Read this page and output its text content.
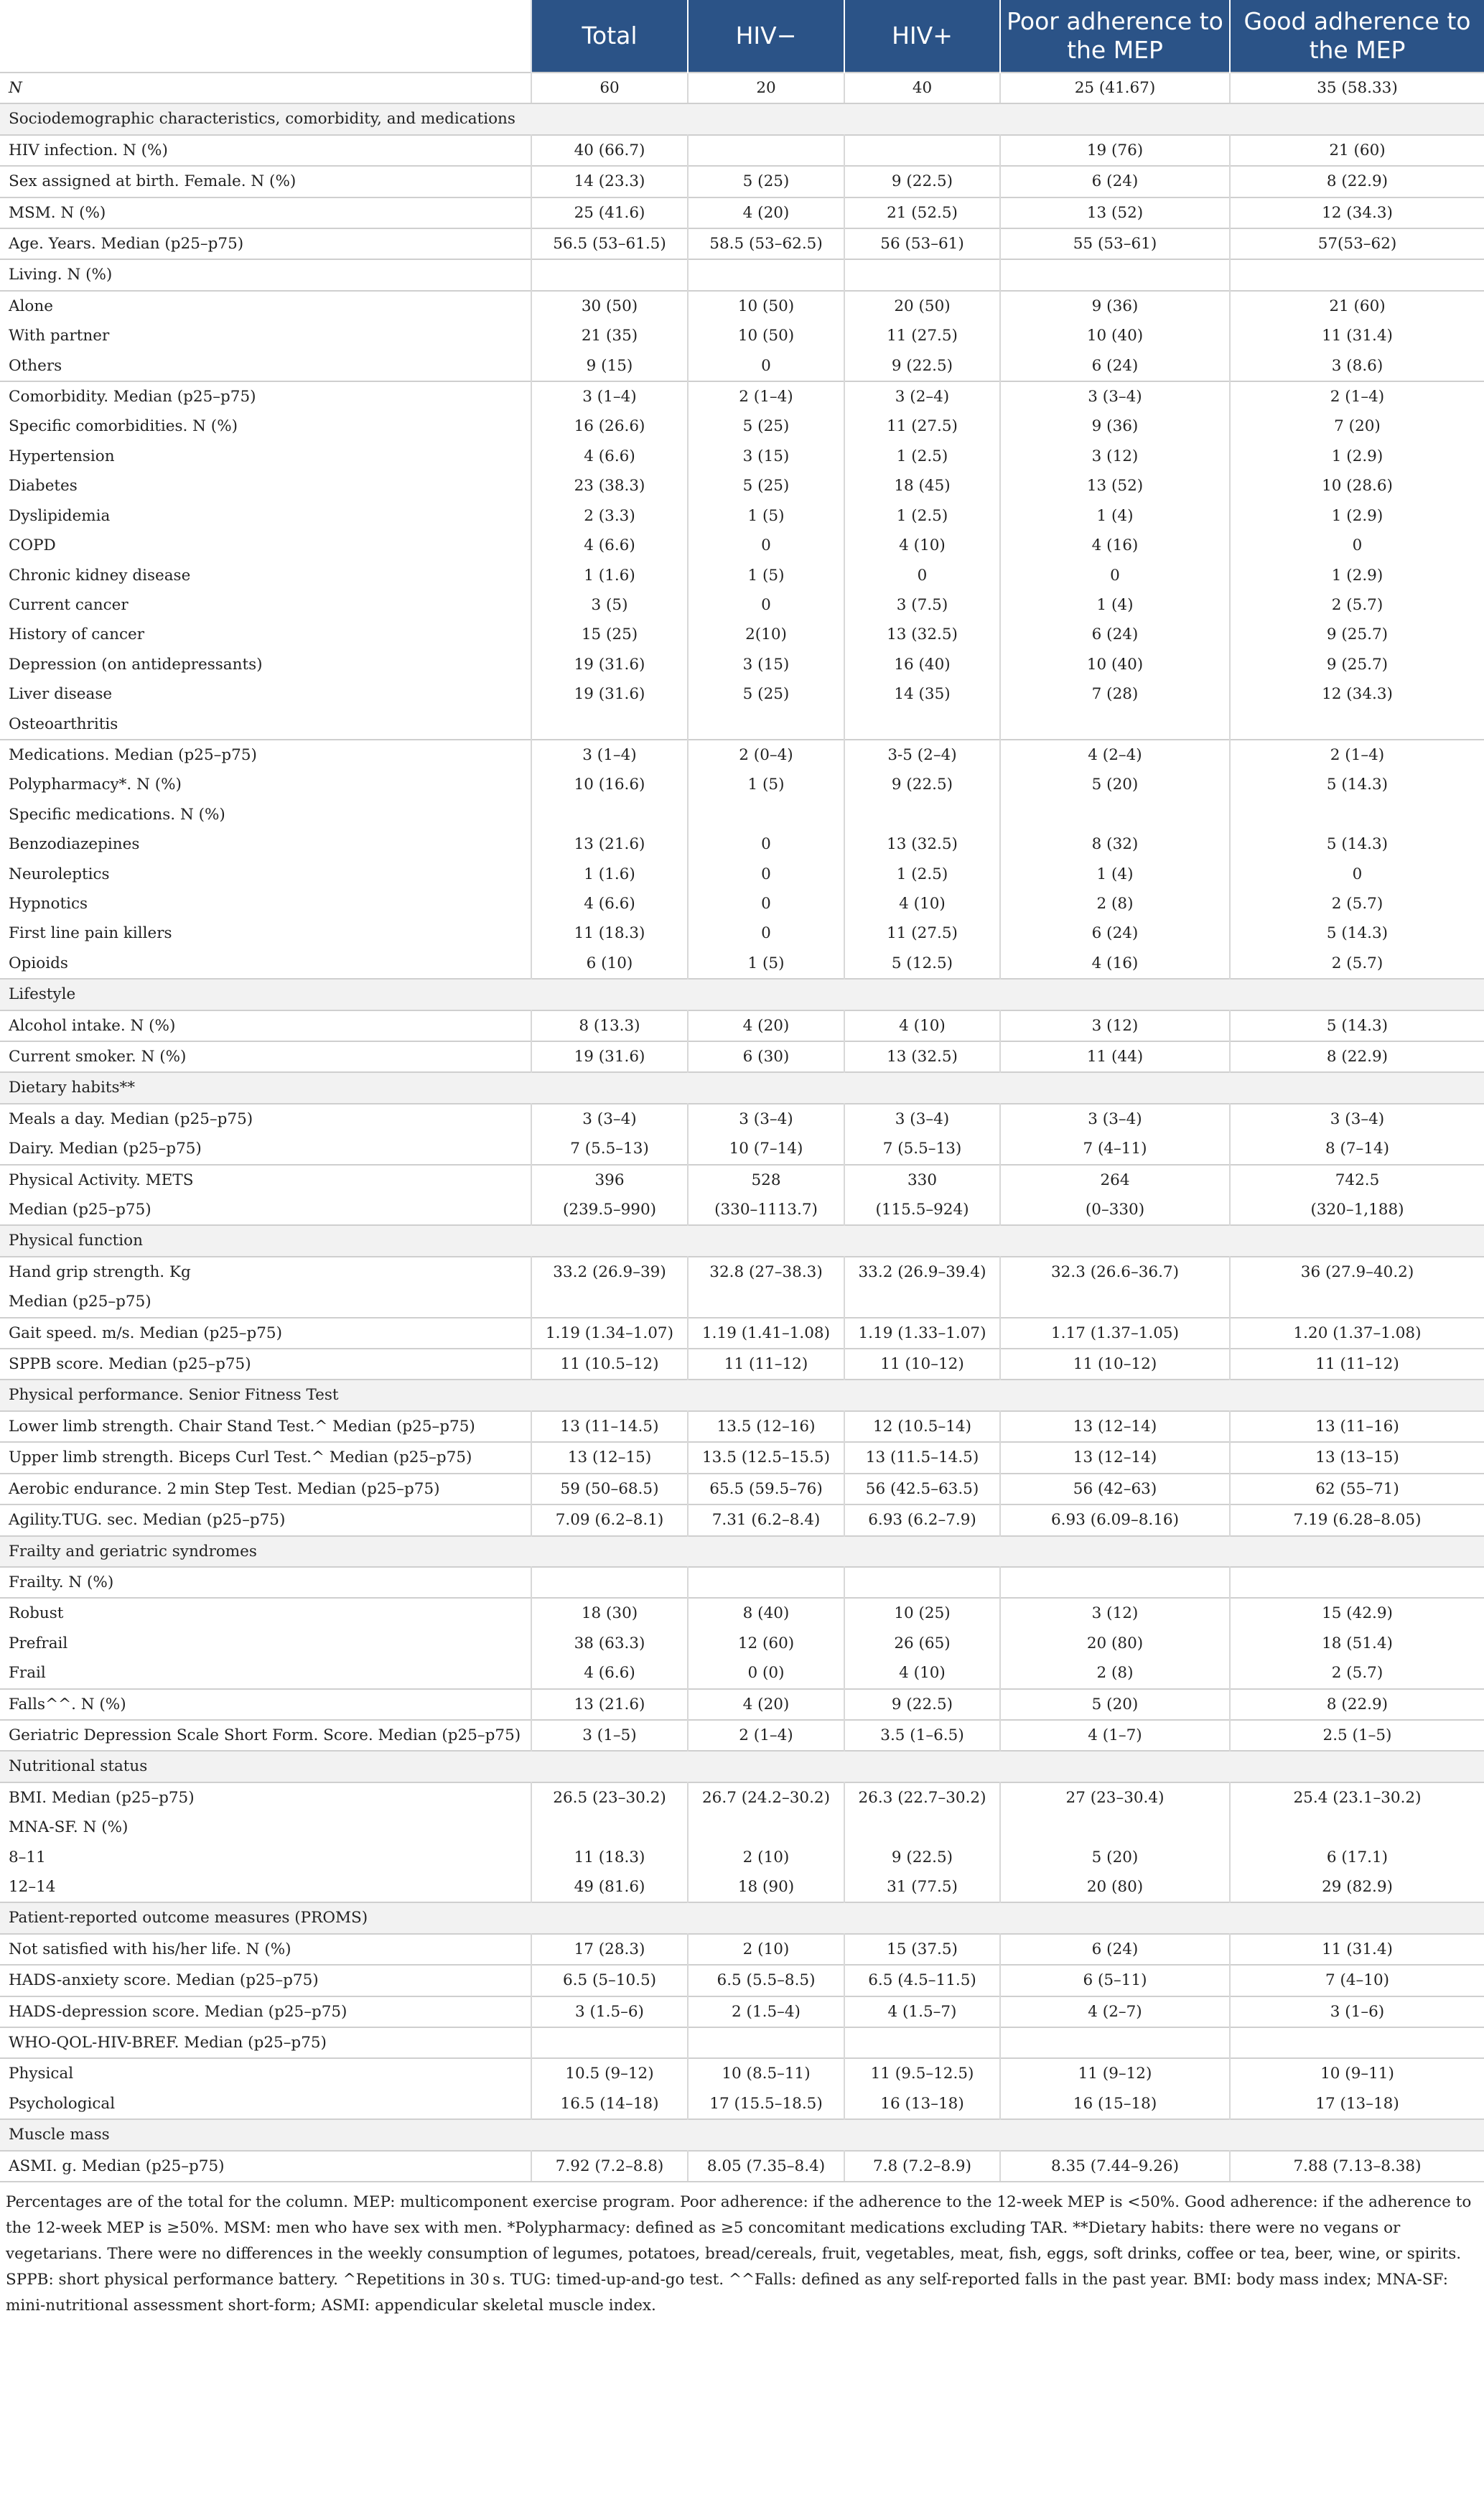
	Total	HIV−	HIV+	Poor adherence to the MEP	Good adherence to the MEP
N	60	20	40	25 (41.67)	35 (58.33)
Sociodemographic characteristics, comorbidity, and medications					
HIV infection. N (%)	40 (66.7)			19 (76)	21 (60)
Sex assigned at birth. Female. N (%)	14 (23.3)	5 (25)	9 (22.5)	6 (24)	8 (22.9)
MSM. N (%)	25 (41.6)	4 (20)	21 (52.5)	13 (52)	12 (34.3)
Age. Years. Median (p25–p75)	56.5 (53–61.5)	58.5 (53–62.5)	56 (53–61)	55 (53–61)	57(53–62)
Living. N (%)					
Alone	30 (50)	10 (50)	20 (50)	9 (36)	21 (60)
With partner	21 (35)	10 (50)	11 (27.5)	10 (40)	11 (31.4)
Others	9 (15)	0	9 (22.5)	6 (24)	3 (8.6)
Comorbidity. Median (p25–p75)	3 (1–4)	2 (1–4)	3 (2–4)	3 (3–4)	2 (1–4)
Specific comorbidities. N (%)	16 (26.6)	5 (25)	11 (27.5)	9 (36)	7 (20)
Hypertension	4 (6.6)	3 (15)	1 (2.5)	3 (12)	1 (2.9)
Diabetes	23 (38.3)	5 (25)	18 (45)	13 (52)	10 (28.6)
Dyslipidemia	2 (3.3)	1 (5)	1 (2.5)	1 (4)	1 (2.9)
COPD	4 (6.6)	0	4 (10)	4 (16)	0
Chronic kidney disease	1 (1.6)	1 (5)	0	0	1 (2.9)
Current cancer	3 (5)	0	3 (7.5)	1 (4)	2 (5.7)
History of cancer	15 (25)	2(10)	13 (32.5)	6 (24)	9 (25.7)
Depression (on antidepressants)	19 (31.6)	3 (15)	16 (40)	10 (40)	9 (25.7)
Liver disease	19 (31.6)	5 (25)	14 (35)	7 (28)	12 (34.3)
Osteoarthritis					
Medications. Median (p25–p75)	3 (1–4)	2 (0–4)	3-5 (2–4)	4 (2–4)	2 (1–4)
Polypharmacy*. N (%)	10 (16.6)	1 (5)	9 (22.5)	5 (20)	5 (14.3)
Specific medications. N (%)					
Benzodiazepines	13 (21.6)	0	13 (32.5)	8 (32)	5 (14.3)
Neuroleptics	1 (1.6)	0	1 (2.5)	1 (4)	0
Hypnotics	4 (6.6)	0	4 (10)	2 (8)	2 (5.7)
First line pain killers	11 (18.3)	0	11 (27.5)	6 (24)	5 (14.3)
Opioids	6 (10)	1 (5)	5 (12.5)	4 (16)	2 (5.7)
Lifestyle					
Alcohol intake. N (%)	8 (13.3)	4 (20)	4 (10)	3 (12)	5 (14.3)
Current smoker. N (%)	19 (31.6)	6 (30)	13 (32.5)	11 (44)	8 (22.9)
Dietary habits**					
Meals a day. Median (p25–p75)	3 (3–4)	3 (3–4)	3 (3–4)	3 (3–4)	3 (3–4)
Dairy. Median (p25–p75)	7 (5.5–13)	10 (7–14)	7 (5.5–13)	7 (4–11)	8 (7–14)
Physical Activity. METS	396	528	330	264	742.5
Median (p25–p75)	(239.5–990)	(330–1113.7)	(115.5–924)	(0–330)	(320–1,188)
Physical function					
Hand grip strength. Kg	33.2 (26.9–39)	32.8 (27–38.3)	33.2 (26.9–39.4)	32.3 (26.6–36.7)	36 (27.9–40.2)
Median (p25–p75)					
Gait speed. m/s. Median (p25–p75)	1.19 (1.34–1.07)	1.19 (1.41–1.08)	1.19 (1.33–1.07)	1.17 (1.37–1.05)	1.20 (1.37–1.08)
SPPB score. Median (p25–p75)	11 (10.5–12)	11 (11–12)	11 (10–12)	11 (10–12)	11 (11–12)
Physical performance. Senior Fitness Test					
Lower limb strength. Chair Stand Test.^ Median (p25–p75)	13 (11–14.5)	13.5 (12–16)	12 (10.5–14)	13 (12–14)	13 (11–16)
Upper limb strength. Biceps Curl Test.^ Median (p25–p75)	13 (12–15)	13.5 (12.5–15.5)	13 (11.5–14.5)	13 (12–14)	13 (13–15)
Aerobic endurance. 2 min Step Test. Median (p25–p75)	59 (50–68.5)	65.5 (59.5–76)	56 (42.5–63.5)	56 (42–63)	62 (55–71)
Agility.TUG. sec. Median (p25–p75)	7.09 (6.2–8.1)	7.31 (6.2–8.4)	6.93 (6.2–7.9)	6.93 (6.09–8.16)	7.19 (6.28–8.05)
Frailty and geriatric syndromes					
Frailty. N (%)					
Robust	18 (30)	8 (40)	10 (25)	3 (12)	15 (42.9)
Prefrail	38 (63.3)	12 (60)	26 (65)	20 (80)	18 (51.4)
Frail	4 (6.6)	0 (0)	4 (10)	2 (8)	2 (5.7)
Falls^^. N (%)	13 (21.6)	4 (20)	9 (22.5)	5 (20)	8 (22.9)
Geriatric Depression Scale Short Form. Score. Median (p25–p75)	3 (1–5)	2 (1–4)	3.5 (1–6.5)	4 (1–7)	2.5 (1–5)
Nutritional status					
BMI. Median (p25–p75)	26.5 (23–30.2)	26.7 (24.2–30.2)	26.3 (22.7–30.2)	27 (23–30.4)	25.4 (23.1–30.2)
MNA-SF. N (%)					
8–11	11 (18.3)	2 (10)	9 (22.5)	5 (20)	6 (17.1)
12–14	49 (81.6)	18 (90)	31 (77.5)	20 (80)	29 (82.9)
Patient-reported outcome measures (PROMS)					
Not satisfied with his/her life. N (%)	17 (28.3)	2 (10)	15 (37.5)	6 (24)	11 (31.4)
HADS-anxiety score. Median (p25–p75)	6.5 (5–10.5)	6.5 (5.5–8.5)	6.5 (4.5–11.5)	6 (5–11)	7 (4–10)
HADS-depression score. Median (p25–p75)	3 (1.5–6)	2 (1.5–4)	4 (1.5–7)	4 (2–7)	3 (1–6)
WHO-QOL-HIV-BREF. Median (p25–p75)					
Physical	10.5 (9–12)	10 (8.5–11)	11 (9.5–12.5)	11 (9–12)	10 (9–11)
Psychological	16.5 (14–18)	17 (15.5–18.5)	16 (13–18)	16 (15–18)	17 (13–18)
Muscle mass					
ASMI. g. Median (p25–p75)	7.92 (7.2–8.8)	8.05 (7.35–8.4)	7.8 (7.2–8.9)	8.35 (7.44–9.26)	7.88 (7.13–8.38)

Percentages are of the total for the column. MEP: multicomponent exercise program. Poor adherence: if the adherence to the 12-week MEP is <50%. Good adherence: if the adherence to the 12-week MEP is ≥50%. MSM: men who have sex with men. *Polypharmacy: defined as ≥5 concomitant medications excluding TAR. **Dietary habits: there were no vegans or vegetarians. There were no differences in the weekly consumption of legumes, potatoes, bread/cereals, fruit, vegetables, meat, fish, eggs, soft drinks, coffee or tea, beer, wine, or spirits. SPPB: short physical performance battery. ^Repetitions in 30 s. TUG: timed-up-and-go test. ^^Falls: defined as any self-reported falls in the past year. BMI: body mass index; MNA-SF: mini-nutritional assessment short-form; ASMI: appendicular skeletal muscle index.
